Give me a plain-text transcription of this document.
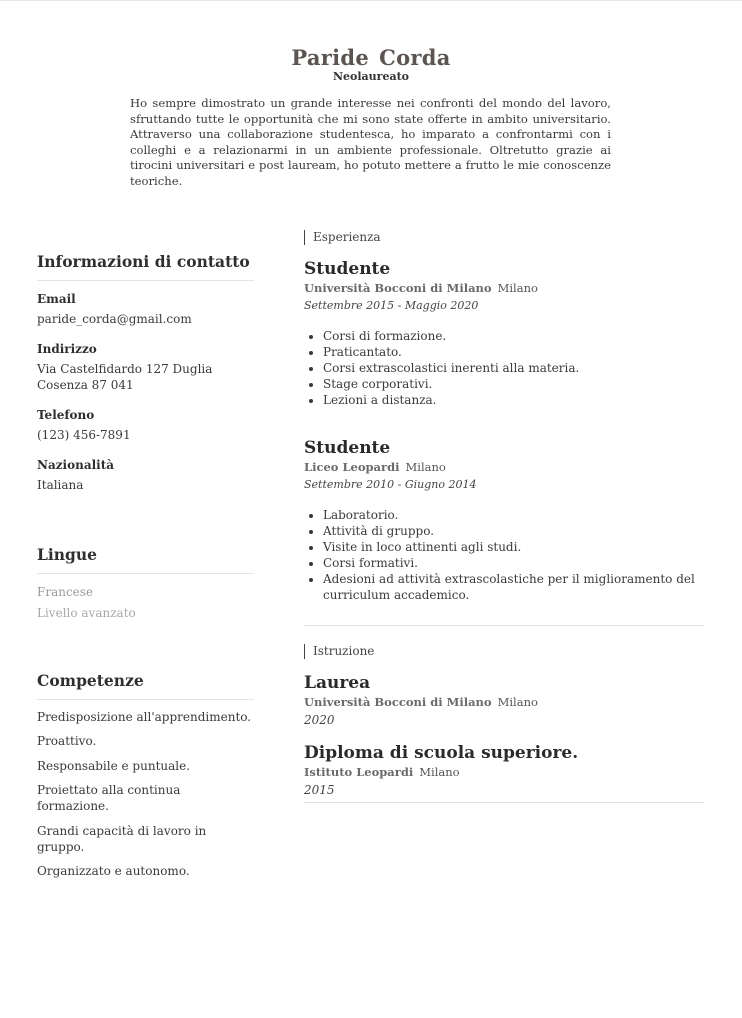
Paride Corda
Neolaureato
Ho sempre dimostrato un grande interesse nei confronti del mondo del lavoro, sfruttando tutte le opportunità che mi sono state offerte in ambito universitario. Attraverso una collaborazione studentesca, ho imparato a confrontarmi con i colleghi e a relazionarmi in un ambiente professionale. Oltretutto grazie ai tirocini universitari e post lauream, ho potuto mettere a frutto le mie conoscenze teoriche.
Informazioni di contatto
Email
paride_corda@gmail.com
Indirizzo
Via Castelfidardo 127 Duglia Cosenza 87 041
Telefono
(123) 456-7891
Nazionalità
Italiana
Lingue
Francese
Livello avanzato
Competenze
Predisposizione all'apprendimento.
Proattivo.
Responsabile e puntuale.
Proiettato alla continua formazione.
Grandi capacità di lavoro in gruppo.
Organizzato e autonomo.
Esperienza
Studente
Università Bocconi di Milano Milano
Settembre 2015 - Maggio 2020
• Corsi di formazione.
• Praticantato.
• Corsi extrascolastici inerenti alla materia.
• Stage corporativi.
• Lezioni a distanza.
Studente
Liceo Leopardi Milano
Settembre 2010 - Giugno 2014
• Laboratorio.
• Attività di gruppo.
• Visite in loco attinenti agli studi.
• Corsi formativi.
• Adesioni ad attività extrascolastiche per il miglioramento del curriculum accademico.
Istruzione
Laurea
Università Bocconi di Milano Milano
2020
Diploma di scuola superiore.
Istituto Leopardi Milano
2015
